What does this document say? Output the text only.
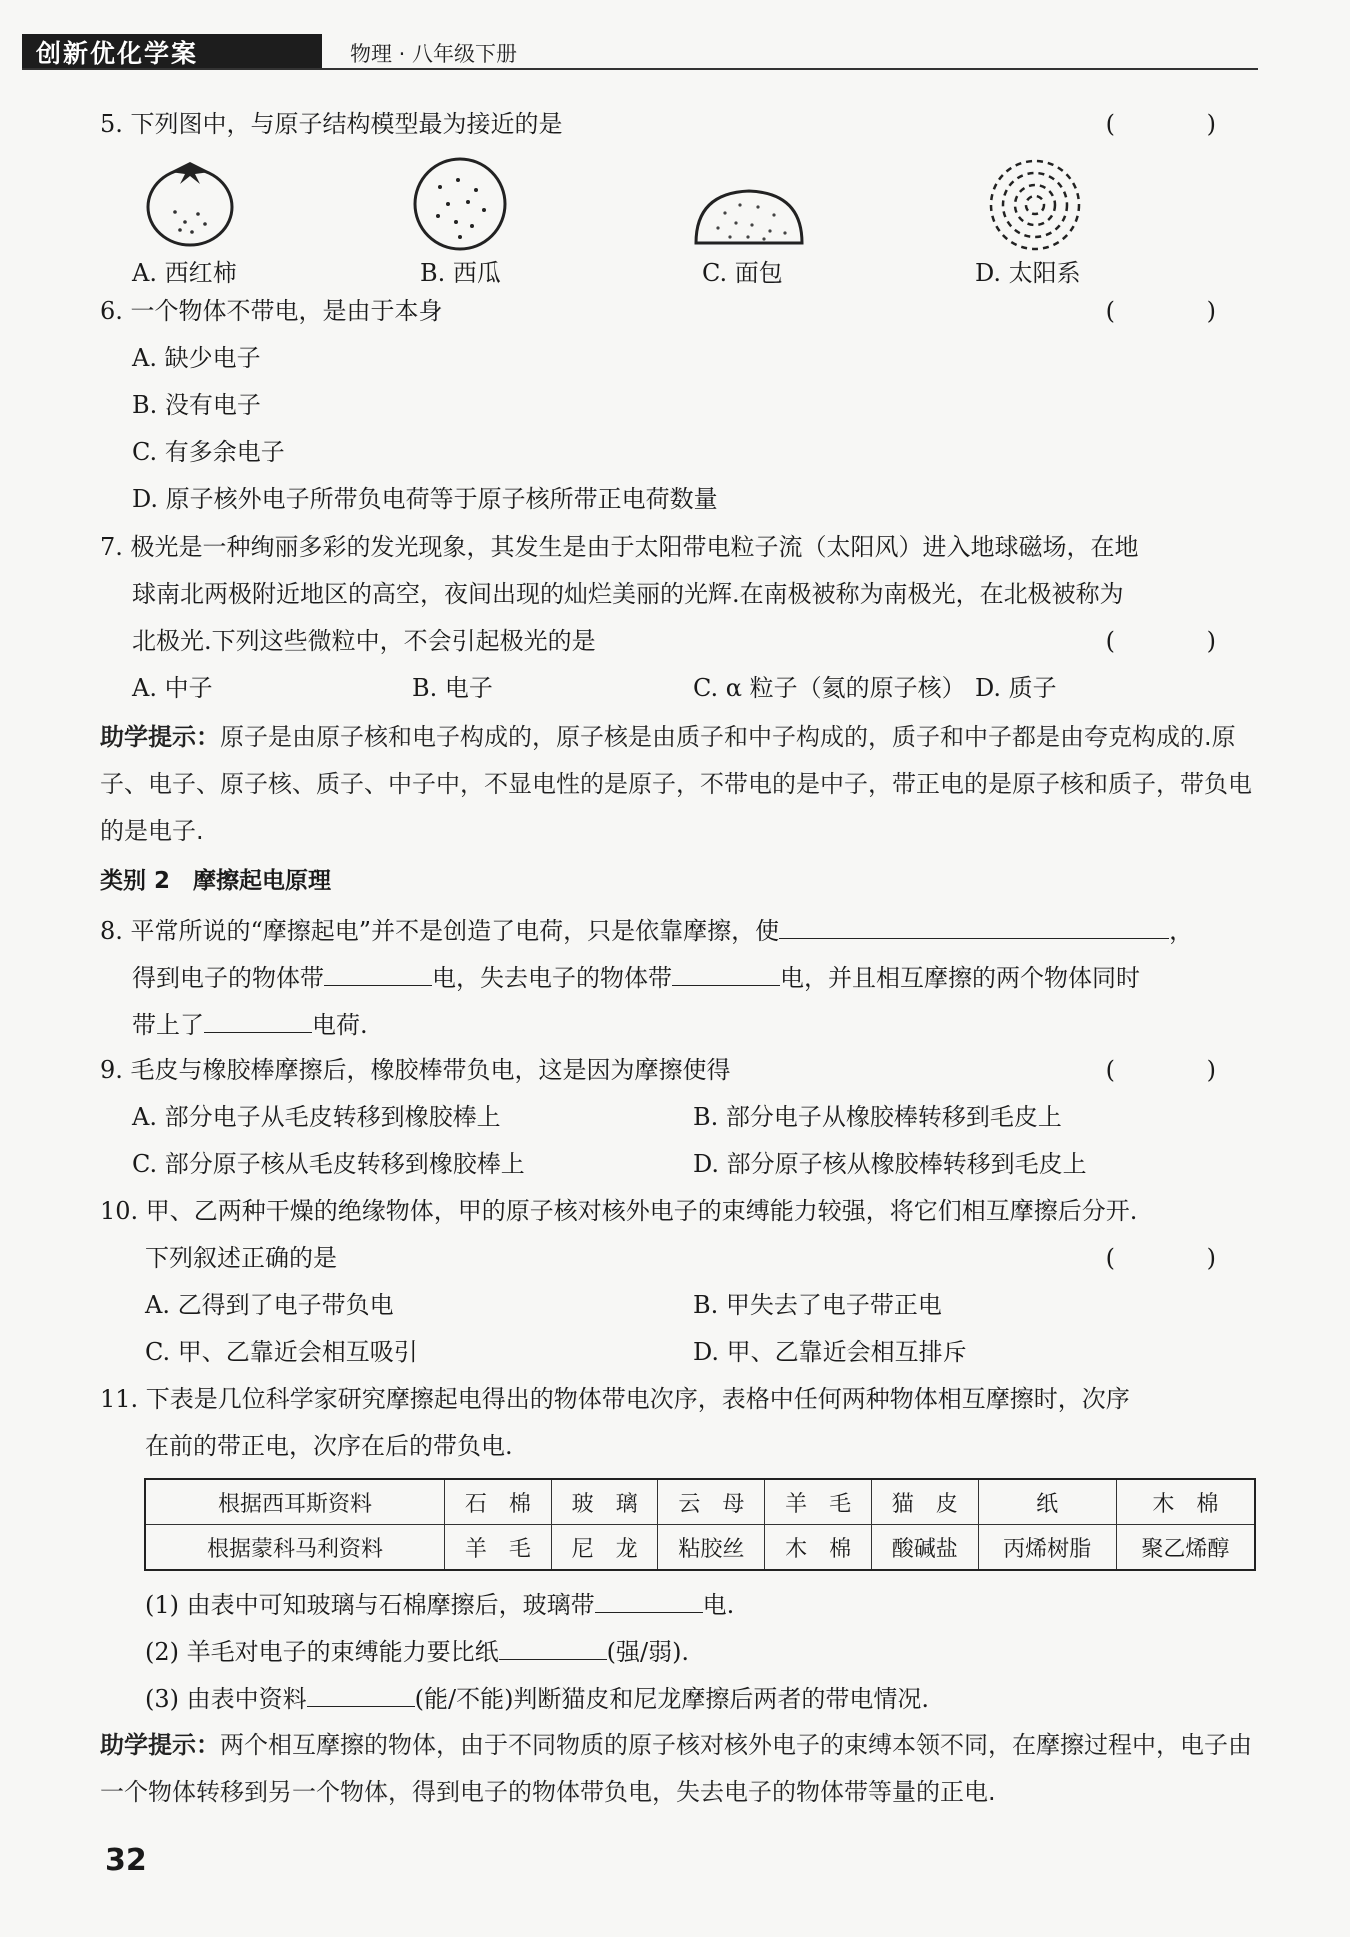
创新优化学案	物理 · 八年级下册
5. 下列图中，与原子结构模型最为接近的是	( )
A. 西红柿	B. 西瓜	C. 面包	D. 太阳系
6. 一个物体不带电，是由于本身	( )
A. 缺少电子
B. 没有电子
C. 有多余电子
D. 原子核外电子所带负电荷等于原子核所带正电荷数量
7. 极光是一种绚丽多彩的发光现象，其发生是由于太阳带电粒子流（太阳风）进入地球磁场，在地
球南北两极附近地区的高空，夜间出现的灿烂美丽的光辉.在南极被称为南极光，在北极被称为
北极光.下列这些微粒中，不会引起极光的是	( )
A. 中子	B. 电子	C. α 粒子（氦的原子核） D. 质子
助学提示：原子是由原子核和电子构成的，原子核是由质子和中子构成的，质子和中子都是由夸克构成的.原子、电子、原子核、质子、中子中，不显电性的是原子，不带电的是中子，带正电的是原子核和质子，带负电的是电子.
类别 2　摩擦起电原理
8. 平常所说的“摩擦起电”并不是创造了电荷，只是依靠摩擦，使	，
得到电子的物体带	电，失去电子的物体带	电，并且相互摩擦的两个物体同时
带上了	电荷.
9. 毛皮与橡胶棒摩擦后，橡胶棒带负电，这是因为摩擦使得	( )
A. 部分电子从毛皮转移到橡胶棒上	B. 部分电子从橡胶棒转移到毛皮上
C. 部分原子核从毛皮转移到橡胶棒上	D. 部分原子核从橡胶棒转移到毛皮上
10. 甲、乙两种干燥的绝缘物体，甲的原子核对核外电子的束缚能力较强，将它们相互摩擦后分开.
下列叙述正确的是	( )
A. 乙得到了电子带负电	B. 甲失去了电子带正电
C. 甲、乙靠近会相互吸引	D. 甲、乙靠近会相互排斥
11. 下表是几位科学家研究摩擦起电得出的物体带电次序，表格中任何两种物体相互摩擦时，次序
在前的带正电，次序在后的带负电.
根据西耳斯资料	石　棉	玻　璃	云　母	羊　毛	猫　皮	纸	木　棉
根据蒙科马利资料	羊　毛	尼　龙	粘胶丝	木　棉	酸碱盐	丙烯树脂	聚乙烯醇
(1) 由表中可知玻璃与石棉摩擦后，玻璃带	电.
(2) 羊毛对电子的束缚能力要比纸	(强/弱).
(3) 由表中资料	(能/不能)判断猫皮和尼龙摩擦后两者的带电情况.
助学提示：两个相互摩擦的物体，由于不同物质的原子核对核外电子的束缚本领不同，在摩擦过程中，电子由一个物体转移到另一个物体，得到电子的物体带负电，失去电子的物体带等量的正电.
32
